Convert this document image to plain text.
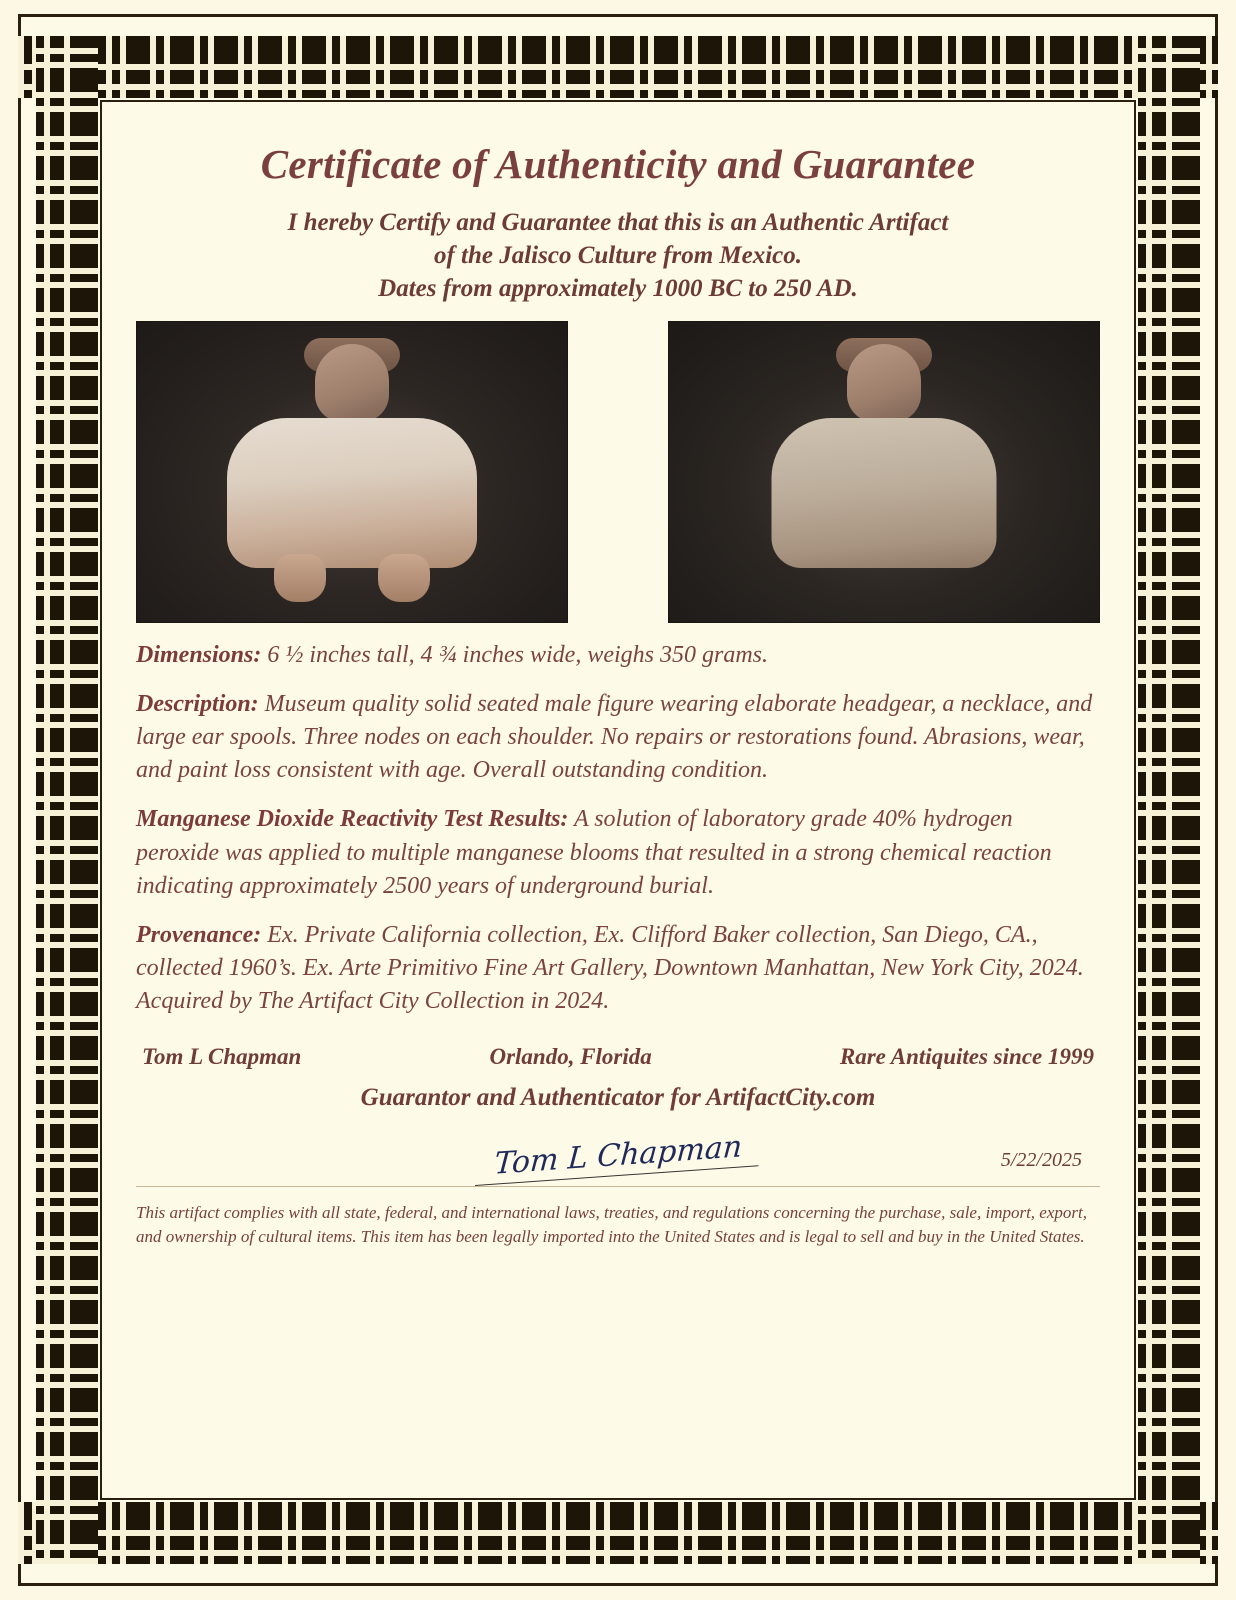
Certificate of Authenticity and Guarantee
I hereby Certify and Guarantee that this is an Authentic Artifact
of the Jalisco Culture from Mexico.
Dates from approximately 1000 BC to 250 AD.

Dimensions: 6 ½ inches tall, 4 ¾ inches wide, weighs 350 grams.

Description: Museum quality solid seated male figure wearing elaborate headgear, a necklace, and large ear spools. Three nodes on each shoulder. No repairs or restorations found. Abrasions, wear, and paint loss consistent with age. Overall outstanding condition.

Manganese Dioxide Reactivity Test Results: A solution of laboratory grade 40% hydrogen peroxide was applied to multiple manganese blooms that resulted in a strong chemical reaction indicating approximately 2500 years of underground burial.

Provenance: Ex. Private California collection, Ex. Clifford Baker collection, San Diego, CA., collected 1960’s. Ex. Arte Primitivo Fine Art Gallery, Downtown Manhattan, New York City, 2024. Acquired by The Artifact City Collection in 2024.

Tom L Chapman	Orlando, Florida	Rare Antiquites since 1999
Guarantor and Authenticator for ArtifactCity.com
Tom L Chapman	5/22/2025
This artifact complies with all state, federal, and international laws, treaties, and regulations concerning the purchase, sale, import, export, and ownership of cultural items. This item has been legally imported into the United States and is legal to sell and buy in the United States.
